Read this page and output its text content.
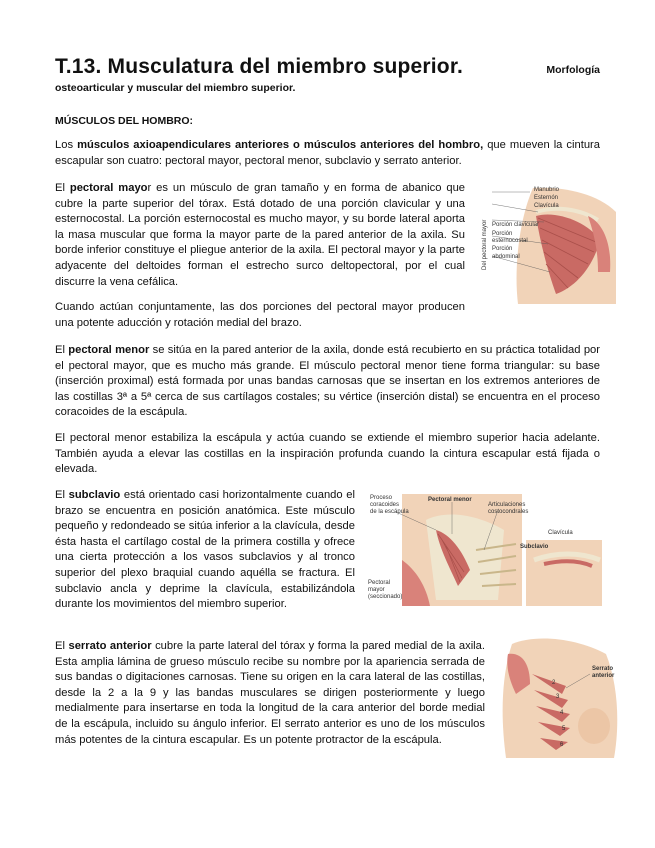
T.13. Musculatura del miembro superior.	Morfología
osteoarticular y muscular del miembro superior.
MÚSCULOS DEL HOMBRO:

Los músculos axioapendiculares anteriores o músculos anteriores del hombro, que mueven la cintura escapular son cuatro: pectoral mayor, pectoral menor, subclavio y serrato anterior.

El pectoral mayor es un músculo de gran tamaño y en forma de abanico que cubre la parte superior del tórax. Está dotado de una porción clavicular y una esternocostal. La porción esternocostal es mucho mayor, y su borde lateral aporta la masa muscular que forma la mayor parte de la pared anterior de la axila. Su borde inferior constituye el pliegue anterior de la axila. El pectoral mayor y la parte adyacente del deltoides forman el estrecho surco deltopectoral, por el cual discurre la vena cefálica.

Cuando actúan conjuntamente, las dos porciones del pectoral mayor producen una potente aducción y rotación medial del brazo.

Manubrio
Esternón
Clavícula
Porción clavicular
Porción
esternocostal
Porción
abdominal
Del pectoral mayor

El pectoral menor se sitúa en la pared anterior de la axila, donde está recubierto en su práctica totalidad por el pectoral mayor, que es mucho más grande. El músculo pectoral menor tiene forma triangular: su base (inserción proximal) está formada por unas bandas carnosas que se insertan en los extremos anteriores de las costillas 3ª a 5ª cerca de sus cartílagos costales; su vértice (inserción distal) se encuentra en el proceso coracoides de la escápula.

El pectoral menor estabiliza la escápula y actúa cuando se extiende el miembro superior hacia adelante. También ayuda a elevar las costillas en la inspiración profunda cuando la cintura escapular está fijada o elevada.

El subclavio está orientado casi horizontalmente cuando el brazo se encuentra en posición anatómica. Este músculo pequeño y redondeado se sitúa inferior a la clavícula, desde ésta hasta el cartílago costal de la primera costilla y ofrece una cierta protección a los vasos subclavios y al tronco superior del plexo braquial cuando aquélla se fractura. El subclavio ancla y deprime la clavícula, estabilizándola durante los movimientos del miembro superior.

Proceso
coracoides
de la escápula
Pectoral menor
Articulaciones
costocondrales
Clavícula
Subclavio
Pectoral
mayor
(seccionado)

El serrato anterior cubre la parte lateral del tórax y forma la pared medial de la axila. Esta amplia lámina de grueso músculo recibe su nombre por la apariencia serrada de sus bandas o digitaciones carnosas. Tiene su origen en la cara lateral de las costillas, desde la 2 a la 9 y las bandas musculares se dirigen posteriormente y luego medialmente para insertarse en toda la longitud de la cara anterior del borde medial de la escápula, incluido su ángulo inferior. El serrato anterior es uno de los músculos más potentes de la cintura escapular. Es un potente protractor de la escápula.

Serrato
anterior
2
3
4
5
6
